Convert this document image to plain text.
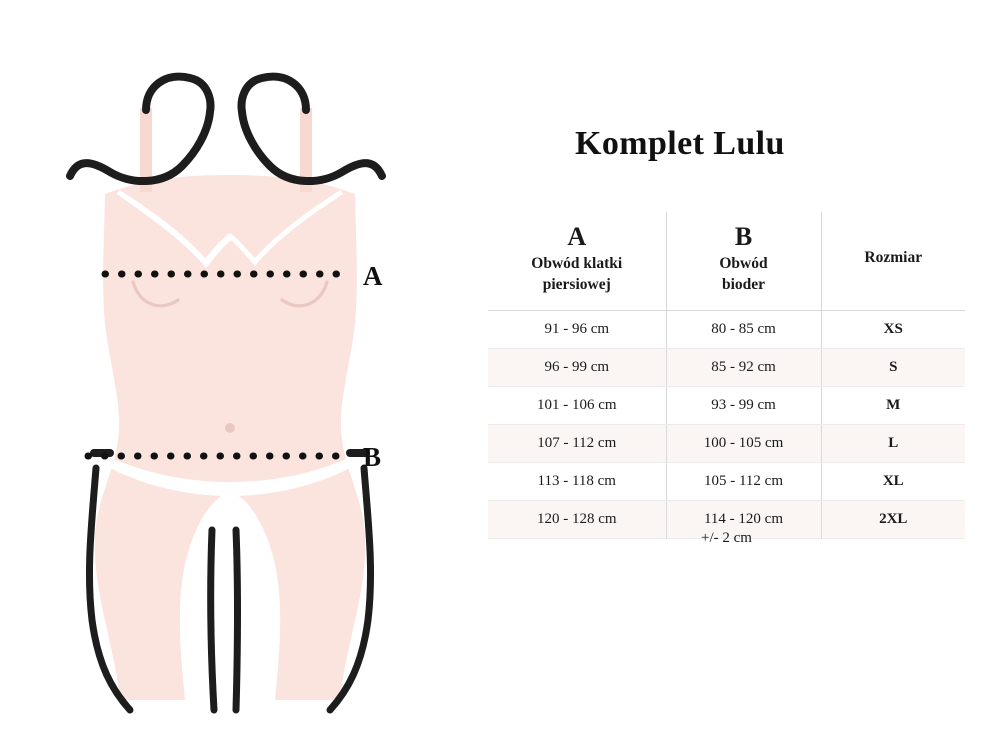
A
B
Komplet Lulu
A
Obwód klatki
piersiowej	B
Obwód
bioder	Rozmiar

91 - 96 cm	80 - 85 cm	XS
96 - 99 cm	85 - 92 cm	S
101 - 106 cm	93 - 99 cm	M
107 - 112 cm	100 - 105 cm	L
113 - 118 cm	105 - 112 cm	XL
120 - 128 cm	114 - 120 cm	2XL
+/- 2 cm
